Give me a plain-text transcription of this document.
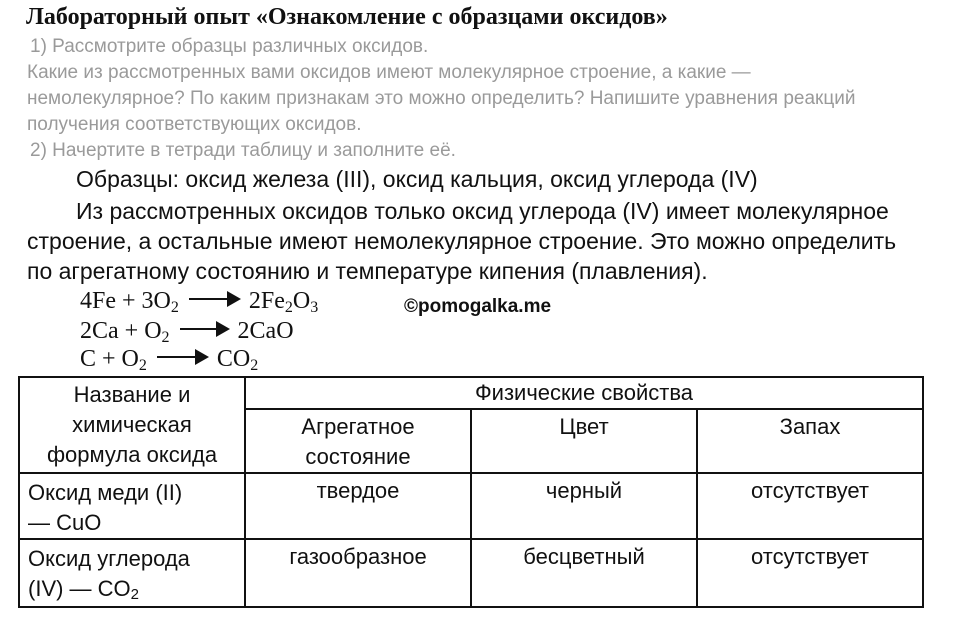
Лабораторный опыт «Ознакомление с образцами оксидов»
1) Рассмотрите образцы различных оксидов.
Какие из рассмотренных вами оксидов имеют молекулярное строение, а какие —
немолекулярное? По каким признакам это можно определить? Напишите уравнения реакций
получения соответствующих оксидов.
2) Начертите в тетради таблицу и заполните её.
Образцы: оксид железа (III), оксид кальция, оксид углерода (IV)
Из рассмотренных оксидов только оксид углерода (IV) имеет молекулярное
строение, а остальные имеют немолекулярное строение. Это можно определить
по агрегатному состоянию и температуре кипения (плавления).
$4Fe + 3O_2 \to 2Fe_2O_3$	©pomogalka.me
$2Ca + O_2 \to 2CaO$
$C + O_2 \to CO_2$
Название и
химическая
формула оксида	Физические свойства		

	Агрегатное
состояние	Цвет	Запах

Оксид меди (II)
— CuO	твердое	черный	отсутствует

Оксид углерода
(IV) — $CO_2$	газообразное	бесцветный	отсутствует
